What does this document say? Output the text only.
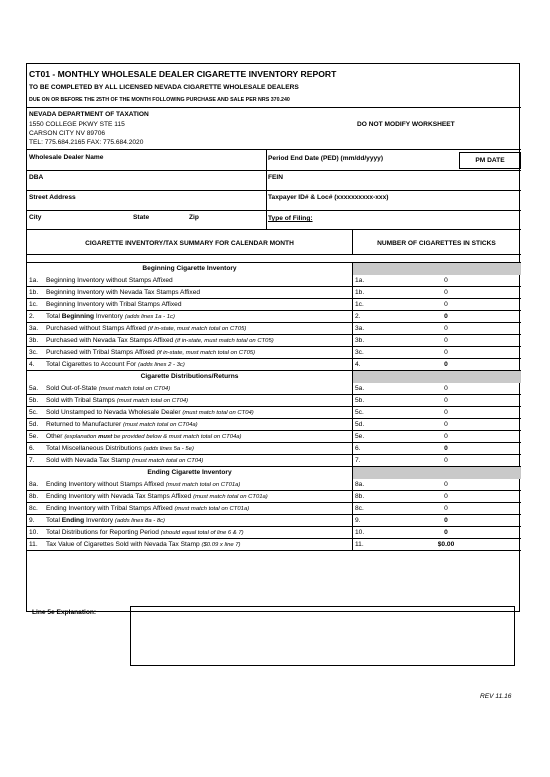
CT01 - MONTHLY WHOLESALE DEALER CIGARETTE INVENTORY REPORT
TO BE COMPLETED BY ALL LICENSED NEVADA CIGARETTE WHOLESALE DEALERS
DUE ON OR BEFORE THE 25TH OF THE MONTH FOLLOWING PURCHASE AND SALE PER NRS 370.240
NEVADA DEPARTMENT OF TAXATION
1550 COLLEGE PKWY STE 115
CARSON CITY NV 89706
TEL: 775.684.2165 FAX: 775.684.2020
DO NOT MODIFY WORKSHEET
Wholesale Dealer Name	Period End Date (PED) (mm/dd/yyyy)	PM DATE
DBA	FEIN
Street Address	Taxpayer ID# & Loc# (xxxxxxxxxx-xxx)
City	State	Zip	Type of Filing:
CIGARETTE INVENTORY/TAX SUMMARY FOR CALENDAR MONTH	NUMBER OF CIGARETTES IN STICKS
Beginning Cigarette Inventory
1a. Beginning Inventory without Stamps Affixed	1a.	0
1b. Beginning Inventory with Nevada Tax Stamps Affixed	1b.	0
1c. Beginning Inventory with Tribal Stamps Affixed	1c.	0
2. Total Beginning Inventory (adds lines 1a - 1c)	2.	0
3a. Purchased without Stamps Affixed (if in-state, must match total on CT05)	3a.	0
3b. Purchased with Nevada Tax Stamps Affixed (if in-state, must match total on CT05)	3b.	0
3c. Purchased with Tribal Stamps Affixed (if in-state, must match total on CT05)	3c.	0
4. Total Cigarettes to Account For (adds lines 2 - 3c)	4.	0
Cigarette Distributions/Returns
5a. Sold Out-of-State (must match total on CT04)	5a.	0
5b. Sold with Tribal Stamps (must match total on CT04)	5b.	0
5c. Sold Unstamped to Nevada Wholesale Dealer (must match total on CT04)	5c.	0
5d. Returned to Manufacturer (must match total on CT04a)	5d.	0
5e. Other (explanation must be provided below & must match total on CT04a)	5e.	0
6. Total Miscellaneous Distributions (adds lines 5a - 5e)	6.	0
7. Sold with Nevada Tax Stamp (must match total on CT04)	7.	0
Ending Cigarette Inventory
8a. Ending Inventory without Stamps Affixed (must match total on CT01a)	8a.	0
8b. Ending Inventory with Nevada Tax Stamps Affixed (must match total on CT01a)	8b.	0
8c. Ending Inventory with Tribal Stamps Affixed (must match total on CT01a)	8c.	0
9. Total Ending Inventory (adds lines 8a - 8c)	9.	0
10. Total Distributions for Reporting Period (should equal total of line 6 & 7)	10.	0
11. Tax Value of Cigarettes Sold with Nevada Tax Stamp ($0.09 x line 7)	11.	$0.00
Line 5e Explanation:
REV 11.16
